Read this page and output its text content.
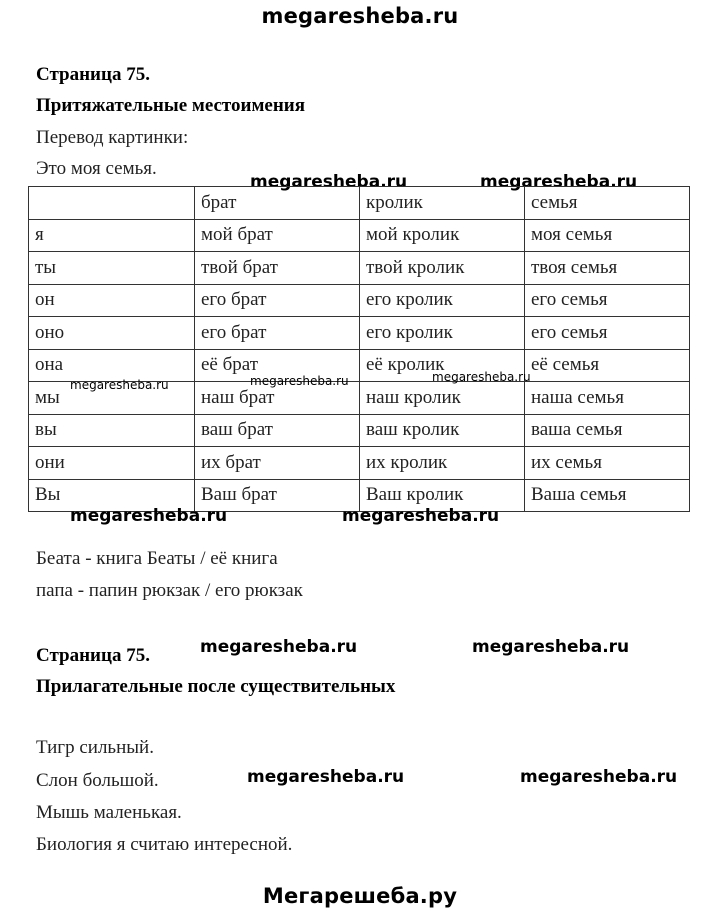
megaresheba.ru
Страница 75.
Притяжательные местоимения
Перевод картинки:
Это моя семья.
megaresheba.ru	megaresheba.ru
	брат	кролик	семья
я	мой брат	мой кролик	моя семья
ты	твой брат	твой кролик	твоя семья
он	его брат	его кролик	его семья
оно	его брат	его кролик	его семья
она	её брат	её кролик	её семья
мы	наш брат	наш кролик	наша семья
вы	ваш брат	ваш кролик	ваша семья
они	их брат	их кролик	их семья
Вы	Ваш брат	Ваш кролик	Ваша семья
megaresheba.ru	megaresheba.ru	megaresheba.ru
megaresheba.ru	megaresheba.ru
Беата - книга Беаты / её книга
папа - папин рюкзак / его рюкзак
Страница 75.	megaresheba.ru	megaresheba.ru
Прилагательные после существительных
Тигр сильный.
Слон большой.	megaresheba.ru	megaresheba.ru
Мышь маленькая.
Биология я считаю интересной.
Мегарешеба.ру
